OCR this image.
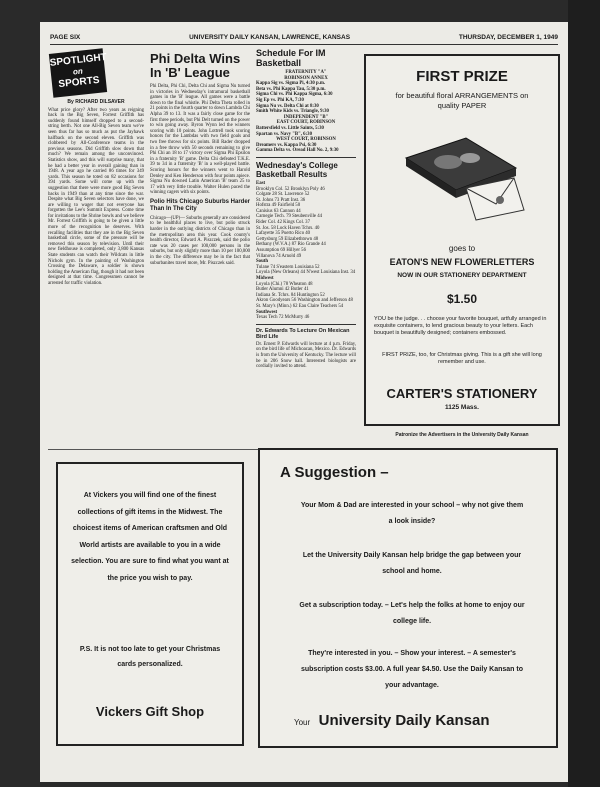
PAGE SIX	UNIVERSITY DAILY KANSAN, LAWRENCE, KANSAS	THURSDAY, DECEMBER 1, 1949
SPOTLIGHT
on
SPORTS
By RICHARD DILSAVER

What price glory? After two years as reigning back in the Big Seven, Forrest Griffith has suddenly found himself dropped to a second-string berth. Not one All-Big Seven team we've seen thus far has so much as put the Jayhawk halfback on the second eleven. Griffith was clobbered by All-Conference teams in the previous seasons. Did Griffith slow down that much? We remain among the unconvinced. Statistics show, and this will surprise many, that he had a better year in overall gaining than in 1948. A year ago he carried 86 times for 349 yards. This season he toted on 82 occasions for 394 yards. Some will come up with the suggestion that there were more good Big Seven backs in 1949 than at any time since the war. Despite what Big Seven selectors have done, we are willing to wager that not everyone has forgotten the Lee's Summit Express. Come time for invitations to the Shrine bowls and we believe Mr. Forrest Griffith is going to be given a little more of the recognition he deserves. With recalling facilities that they are in the Big Seven basketball circle, some of the pressure will be removed this season by television. Until their new fieldhouse is completed, only 3,800 Kansas State students can watch their Wildcats in little Nichols gym. In the painting of Washington Crossing the Delaware, a soldier is shown holding the American flag, though it had not been designed at that time. Congressmen cannot be arrested for traffic violation.

Phi Delta Wins In 'B' League

Phi Delta, Phi Chi, Delta Chi and Sigma Nu turned in victories in Wednesday's intramural basketball games in the 'B' league. All games were a battle down to the final whistle. Phi Delta Theta rolled in 21 points in the fourth quarter to down Lambda Chi Alpha 39 to 13. It was a fairly close game for the first three periods, but Phi Delt turned on the power to win going away. Byron Wynn led the winners scoring with 10 points. John Lottrell took scoring honors for the Lambdas with two field goals and two free throws for six points. Bill Rader dropped in a free throw with 50 seconds remaining to give Phi Chi an 18 to 17 victory over Sigma Phi Epsilon in a fraternity 'B' game. Delta Chi defeated T.K.E. 39 to 34 in a fraternity 'B' in a well-played battle. Scoring honors for the winners went to Harold Denley and Ken Henderson with four points apiece. Sigma Nu downed Latin American 'B' team 25 to 17 with very little trouble. Walter Hulen paced the winning cagers with six points.

Polio Hits Chicago Suburbs Harder Than In The City

Chicago—(UP)— Suburbs generally are considered to be healthful places to live, but polio struck harder in the outlying districts of Chicago than in the metropolitan area this year. Cook county's health director, Edward A. Piszczek, said the polio rate was 20 cases per 100,000 persons in the suburbs, but only slightly more than 10 per 100,000 in the city. The difference may be in the fact that suburbanites travel more, Mr. Piszczek said.

Schedule For IM Basketball
FRATERNITY "A"
ROBINSON ANNEX
Kappa Sig vs. Sigma Pi, 4:30 p.m.
Beta vs. Phi Kappa Tau, 5:30 p.m.
Sigma Chi vs. Phi Kappa Sigma, 6:30
Sig Ep vs. Phi KA, 7:30
Sigma Nu vs. Delta Chi at 8:30
Smith White Kids vs. Triangle, 9:30
INDEPENDENT "B"
EAST COURT, ROBINSON
Battersfield vs. Little Saints, 5:30
Spartan vs. Navy "B", 6:30
WEST COURT, ROBINSON
Dreamers vs. Kappa Psi, 6:30
Gamma Delta vs. Oread Hall No. 2, 9:30
Wednesday's College Basketball Results
East
Brooklyn Col. 52 Brooklyn Poly 46
Colgate 28 St. Lawrence 52
St. Johns 73 Pratt Inst. 36
Hofstra 49 Fairfield 50
Canisius 63 Cannon 44
Carnegie Tech. 79 Steubenville 44
Rider Col. 42 Kings Col. 37
St. Jos. 58 Lock Haven Tchrs. 40
Lafayette 35 Puerto Rico 40
Gettysburg 59 Elizabethtown 48
Bethany (W.V.A.) 87 Rio Grande 44
Assumption 69 Hillyer 56
Villanova 74 Arnold 49
South
Tulane 74 S'eastern Louisiana 52
Loyola (New Orleans) 44 N'west Louisiana Inst. 34
Midwest
Loyola (Chi.) 78 Wheaton 48
Butler Alumni 42 Butler 41
Indiana St. Tchrs. 84 Huntington 52
Akron Goodyears 56 Washington and Jefferson 48
St. Mary's (Minn.) 62 Eau Claire Teachers 54
Southwest
Texas Tech 72 McMurry 46
Dr. Edwards To Lecture On Mexican Bird Life

Dr. Ernest P. Edwards will lecture at 4 p.m. Friday, on the bird life of Michoacan, Mexico. Dr. Edwards is from the University of Kentucky. The lecture will be in 206 Snow hall. Interested biologists are cordially invited to attend.

FIRST PRIZE
for beautiful floral ARRANGEMENTS on quality PAPER
goes to
EATON'S NEW FLOWERLETTERS
NOW IN OUR STATIONERY DEPARTMENT
$1.50
YOU be the judge. . . choose your favorite bouquet, artfully arranged in exquisite containers, to lend gracious beauty to your letters. Each bouquet is beautifully designed; containers embossed.
FIRST PRIZE, too, for Christmas giving. This is a gift she will long remember and use.
CARTER'S STATIONERY
1125 Mass.
Patronize the Advertisers in the University Daily Kansan
At Vickers you will find one of the finest collections of gift items in the Midwest. The choicest items of American craftsmen and Old World artists are available to you in a wide selection. You are sure to find what you want at the price you wish to pay.
P.S. It is not too late to get your Christmas cards personalized.
Vickers Gift Shop
A Suggestion –
Your Mom & Dad are interested in your school – why not give them a look inside?
Let the University Daily Kansan help bridge the gap between your school and home.
Get a subscription today. – Let's help the folks at home to enjoy our college life.
They're interested in you. – Show your interest. – A semester's subscription costs $3.00. A full year $4.50. Use the Daily Kansan to your advantage.
Your University Daily Kansan
